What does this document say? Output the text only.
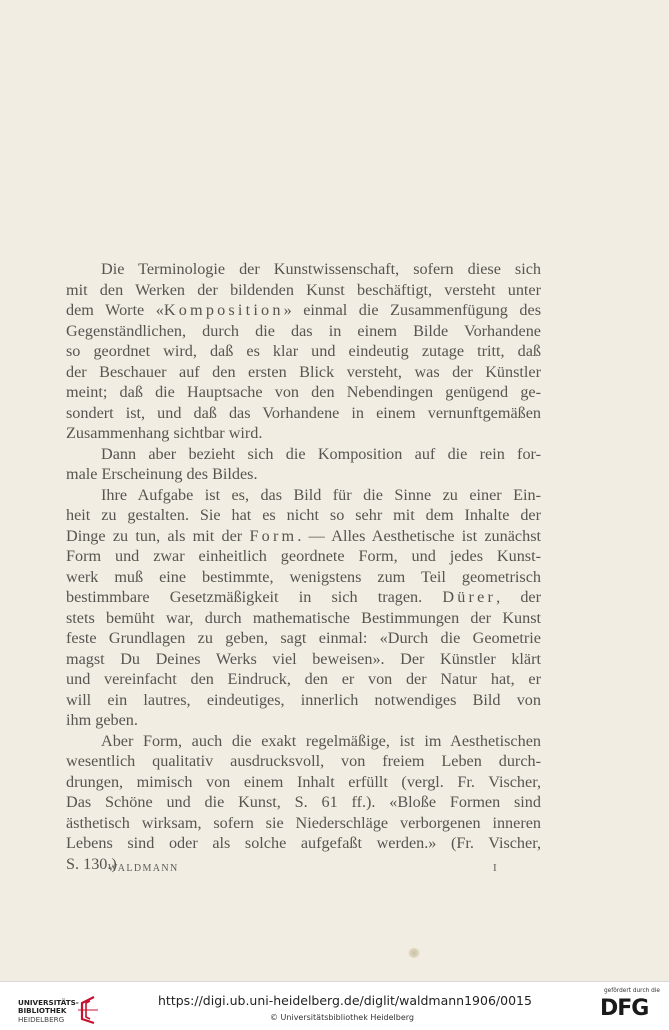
Die Terminologie der Kunstwissenschaft, sofern diese sich
mit den Werken der bildenden Kunst beschäftigt, versteht unter
dem Worte «Komposition» einmal die Zusammenfügung des
Gegenständlichen, durch die das in einem Bilde Vorhandene
so geordnet wird, daß es klar und eindeutig zutage tritt, daß
der Beschauer auf den ersten Blick versteht, was der Künstler
meint; daß die Hauptsache von den Nebendingen genügend ge-
sondert ist, und daß das Vorhandene in einem vernunftgemäßen
Zusammenhang sichtbar wird.
Dann aber bezieht sich die Komposition auf die rein for-
male Erscheinung des Bildes.
Ihre Aufgabe ist es, das Bild für die Sinne zu einer Ein-
heit zu gestalten. Sie hat es nicht so sehr mit dem Inhalte der
Dinge zu tun, als mit der Form. — Alles Aesthetische ist zunächst
Form und zwar einheitlich geordnete Form, und jedes Kunst-
werk muß eine bestimmte, wenigstens zum Teil geometrisch
bestimmbare Gesetzmäßigkeit in sich tragen. Dürer, der
stets bemüht war, durch mathematische Bestimmungen der Kunst
feste Grundlagen zu geben, sagt einmal: «Durch die Geometrie
magst Du Deines Werks viel beweisen». Der Künstler klärt
und vereinfacht den Eindruck, den er von der Natur hat, er
will ein lautres, eindeutiges, innerlich notwendiges Bild von
ihm geben.
Aber Form, auch die exakt regelmäßige, ist im Aesthetischen
wesentlich qualitativ ausdrucksvoll, von freiem Leben durch-
drungen, mimisch von einem Inhalt erfüllt (vergl. Fr. Vischer,
Das Schöne und die Kunst, S. 61 ff.). «Bloße Formen sind
ästhetisch wirksam, sofern sie Niederschläge verborgenen inneren
Lebens sind oder als solche aufgefaßt werden.» (Fr. Vischer,
S. 130.)
WALDMANN	I
UNIVERSITÄTS-
BIBLIOTHEK
HEIDELBERG
https://digi.ub.uni-heidelberg.de/diglit/waldmann1906/0015
© Universitätsbibliothek Heidelberg
gefördert durch die
DFG
